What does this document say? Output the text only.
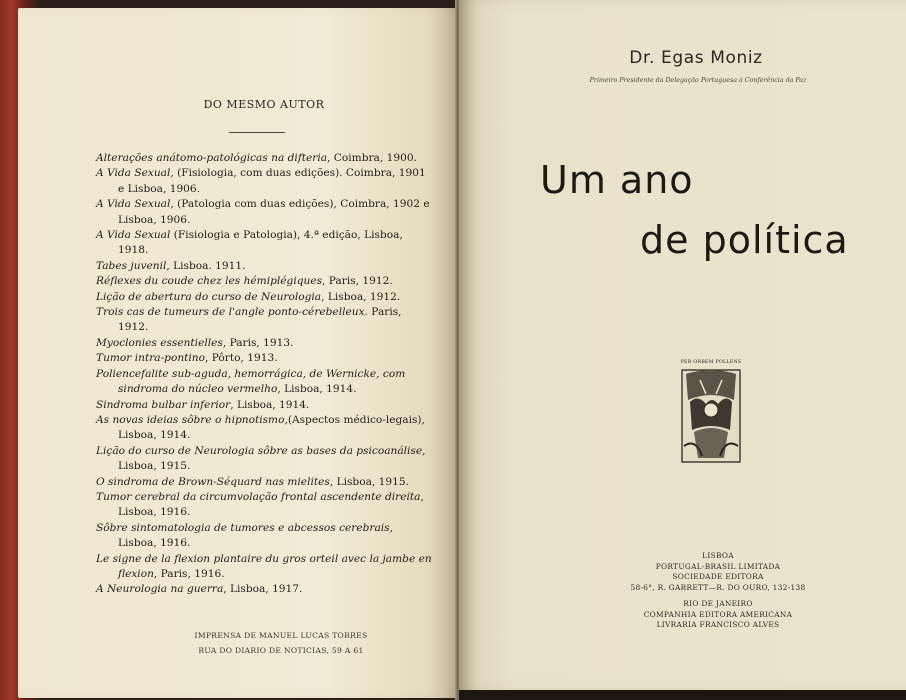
DO MESMO AUTOR

Alterações anátomo-patológicas na difteria, Coimbra, 1900.

A Vida Sexual, (Fisiologia, com duas edições). Coimbra, 1901 e Lisboa, 1906.

A Vida Sexual, (Patologia com duas edições), Coimbra, 1902 e Lisboa, 1906.

A Vida Sexual (Fisiologia e Patologia), 4.ª edição, Lisboa, 1918.

Tabes juvenil, Lisboa. 1911.

Réflexes du coude chez les hémiplégiques, Paris, 1912.

Lição de abertura do curso de Neurologia, Lisboa, 1912.

Trois cas de tumeurs de l'angle ponto-cérebelleux. Paris, 1912.

Myoclonies essentielles, Paris, 1913.

Tumor intra-pontino, Pôrto, 1913.

Poliencefalite sub-aguda, hemorrágica, de Wernicke, com sindroma do núcleo vermelho, Lisboa, 1914.

Sindroma bulbar inferior, Lisboa, 1914.

As novas ideias sôbre o hipnotismo,(Aspectos médico-legais), Lisboa, 1914.

Lição do curso de Neurologia sôbre as bases da psicoanálise, Lisboa, 1915.

O sindroma de Brown-Séquard nas mielites, Lisboa, 1915.

Tumor cerebral da circumvolação frontal ascendente direita, Lisboa, 1916.

Sôbre sintomatologia de tumores e abcessos cerebrais, Lisboa, 1916.

Le signe de la flexion plantaire du gros orteil avec la jambe en flexion, Paris, 1916.

A Neurologia na guerra, Lisboa, 1917.

IMPRENSA DE MANUEL LUCAS TORRES
RUA DO DIARIO DE NOTICIAS, 59 A 61
Dr. Egas Moniz
Primeiro Presidente da Delegação Portuguesa à Conferência da Paz
Um ano
de política
PER ORBEM POLLENS
LISBOA
PORTUGAL-BRASIL LIMITADA
SOCIEDADE EDITORA
58-6°, R. GARRETT—R. DO OURO, 132-138
RIO DE JANEIRO
COMPANHIA EDITORA AMERICANA
LIVRARIA FRANCISCO ALVES
